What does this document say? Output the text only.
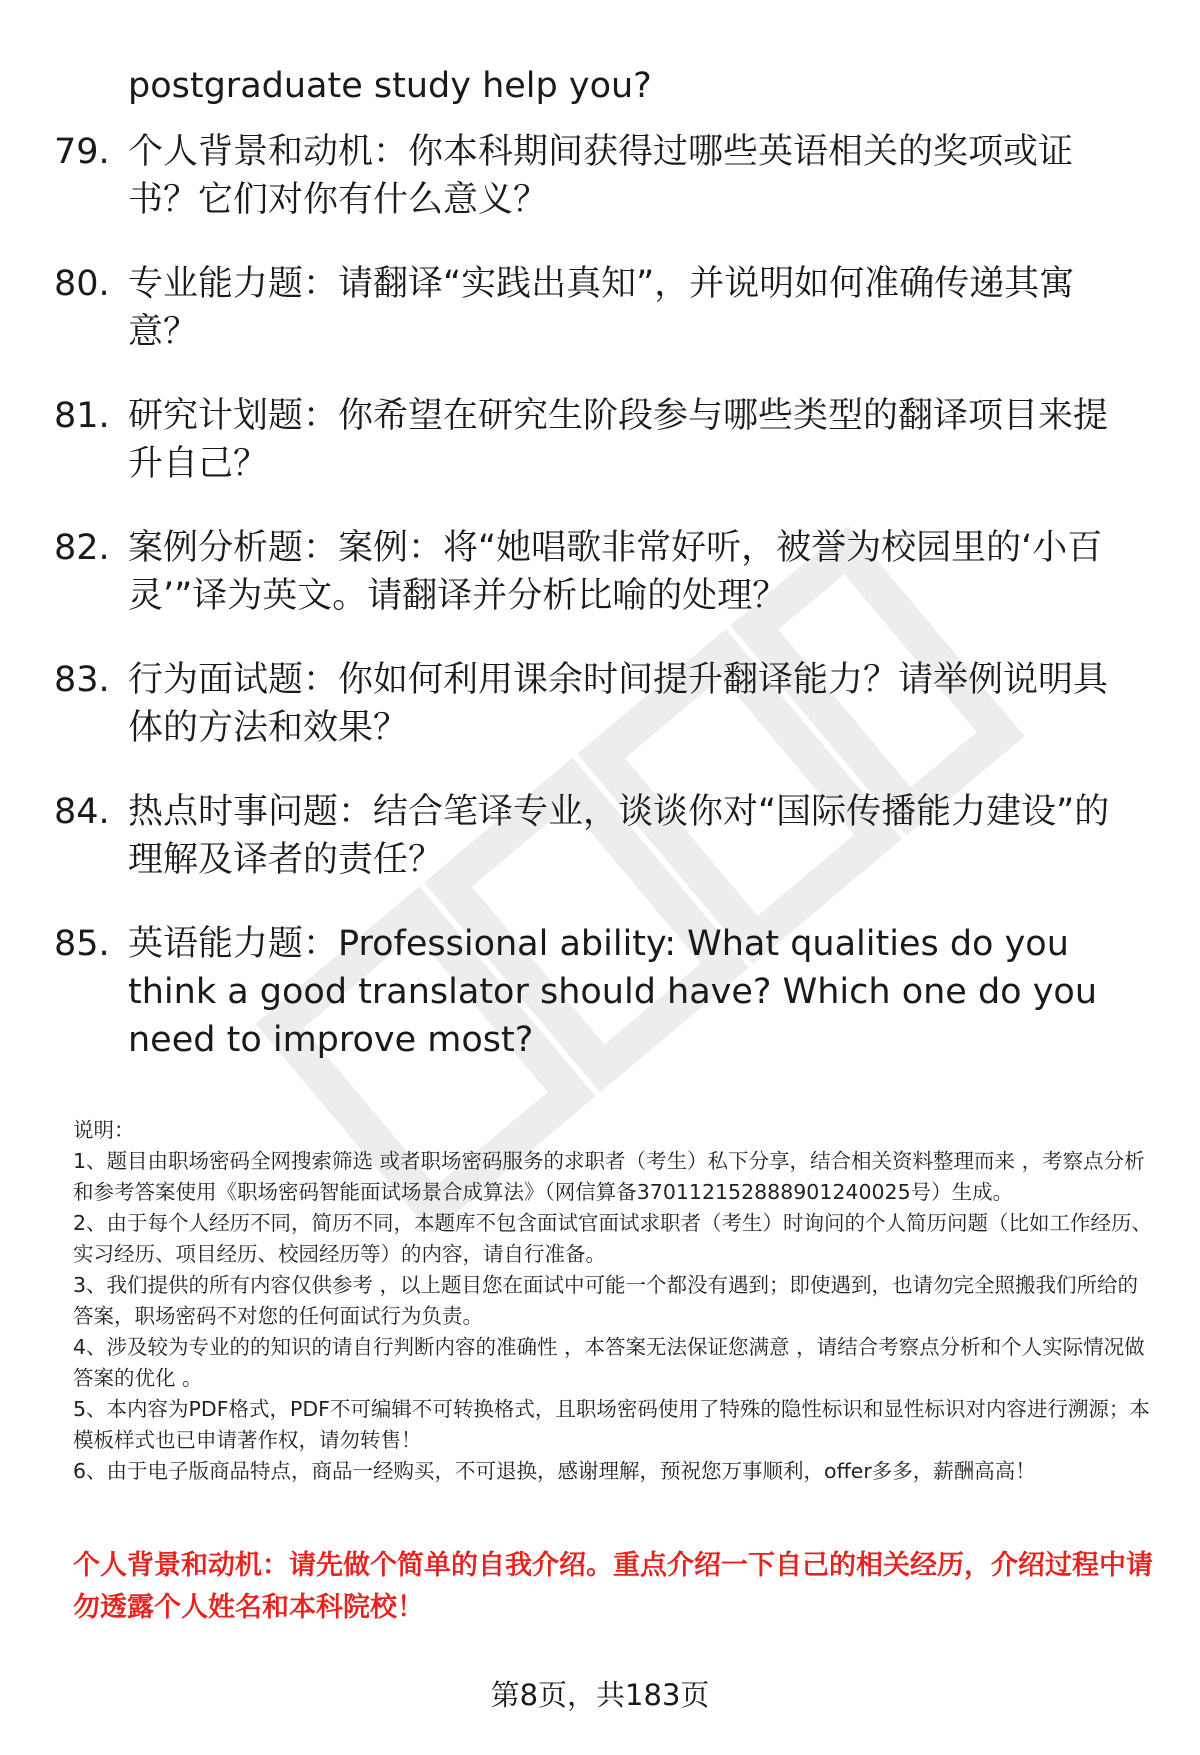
postgraduate study help you?
79. 个人背景和动机：你本科期间获得过哪些英语相关的奖项或证书？它们对你有什么意义？
80. 专业能力题：请翻译“实践出真知”，并说明如何准确传递其寓意？
81. 研究计划题：你希望在研究生阶段参与哪些类型的翻译项目来提升自己？
82. 案例分析题：案例：将“她唱歌非常好听，被誉为校园里的‘小百灵’”译为英文。请翻译并分析比喻的处理？
83. 行为面试题：你如何利用课余时间提升翻译能力？请举例说明具体的方法和效果？
84. 热点时事问题：结合笔译专业，谈谈你对“国际传播能力建设”的理解及译者的责任？
85. 英语能力题：Professional ability: What qualities do you think a good translator should have? Which one do you need to improve most?
说明：
1、题目由职场密码全网搜索筛选 或者职场密码服务的求职者（考生）私下分享，结合相关资料整理而来 ，考察点分析和参考答案使用《职场密码智能面试场景合成算法》（网信算备370112152888901240025号）生成。
2、由于每个人经历不同，简历不同，本题库不包含面试官面试求职者（考生）时询问的个人简历问题（比如工作经历、实习经历、项目经历、校园经历等）的内容，请自行准备。
3、我们提供的所有内容仅供参考 ，以上题目您在面试中可能一个都没有遇到；即使遇到，也请勿完全照搬我们所给的答案，职场密码不对您的任何面试行为负责。
4、涉及较为专业的的知识的请自行判断内容的准确性 ，本答案无法保证您满意 ，请结合考察点分析和个人实际情况做答案的优化 。
5、本内容为PDF格式，PDF不可编辑不可转换格式，且职场密码使用了特殊的隐性标识和显性标识对内容进行溯源；本模板样式也已申请著作权，请勿转售！
6、由于电子版商品特点，商品一经购买，不可退换，感谢理解，预祝您万事顺利，offer多多，薪酬高高！
个人背景和动机：请先做个简单的自我介绍。重点介绍一下自己的相关经历，介绍过程中请勿透露个人姓名和本科院校！
第8页，共183页
